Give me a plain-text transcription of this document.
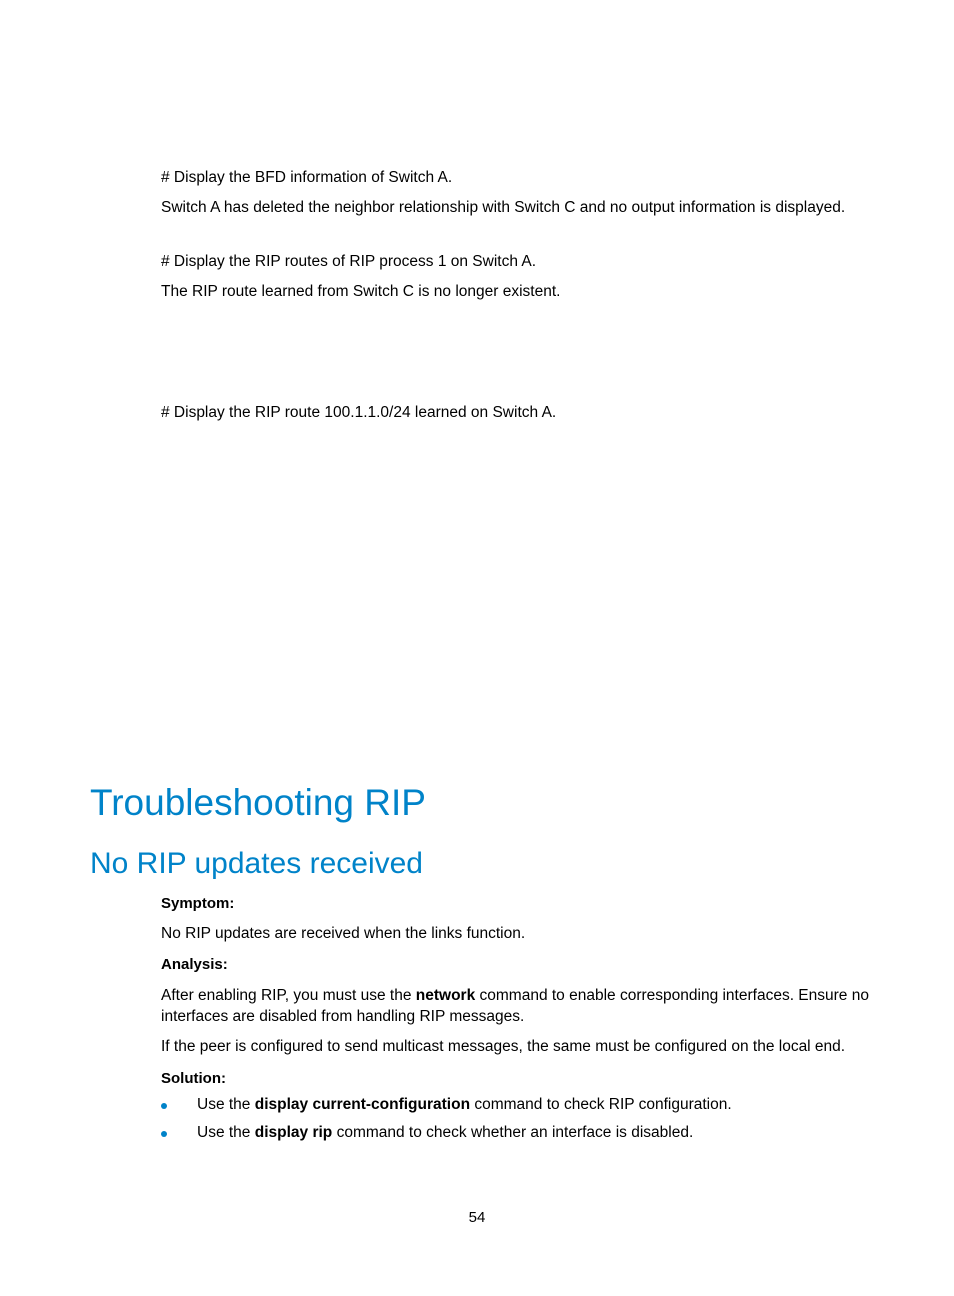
# Display the BFD information of Switch A.

Switch A has deleted the neighbor relationship with Switch C and no output information is displayed.

# Display the RIP routes of RIP process 1 on Switch A.

The RIP route learned from Switch C is no longer existent.

# Display the RIP route 100.1.1.0/24 learned on Switch A.

Troubleshooting RIP
No RIP updates received

Symptom:

No RIP updates are received when the links function.

Analysis:

After enabling RIP, you must use the network command to enable corresponding interfaces. Ensure no interfaces are disabled from handling RIP messages.

If the peer is configured to send multicast messages, the same must be configured on the local end.

Solution:

Use the display current-configuration command to check RIP configuration.
Use the display rip command to check whether an interface is disabled.
54
